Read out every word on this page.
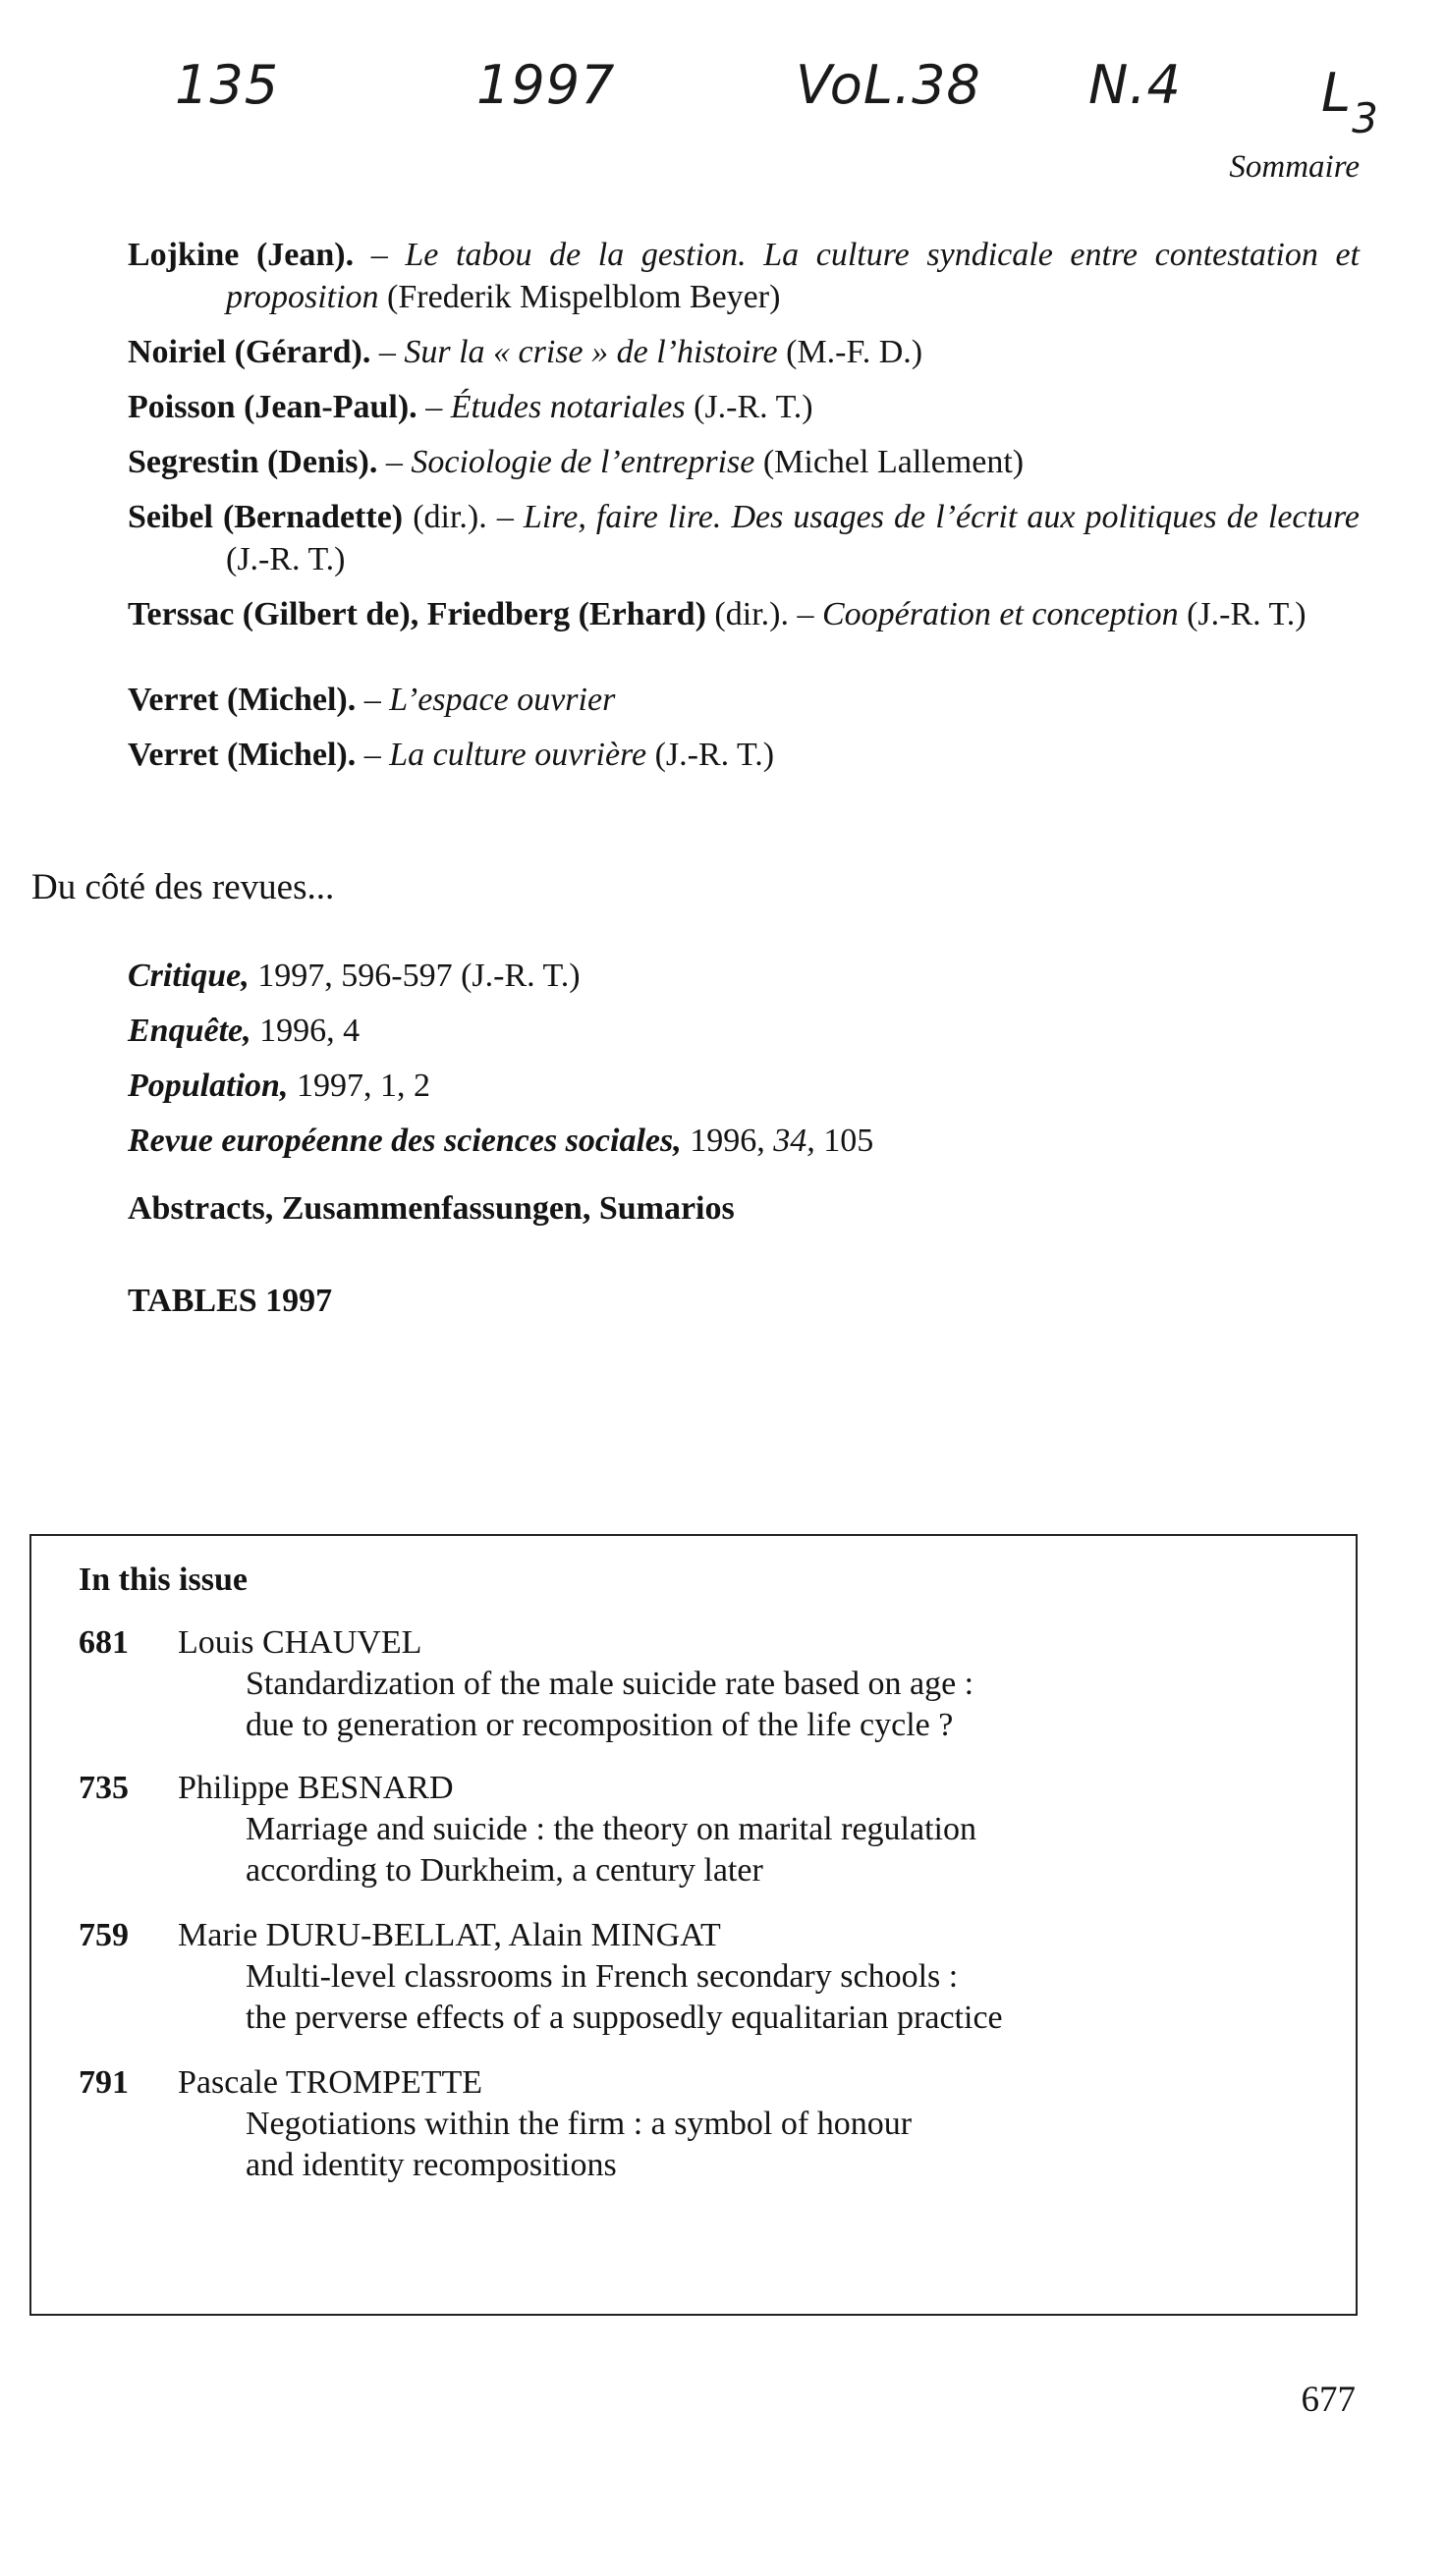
135	1997	VoL.38 N.4	$L_3$
Sommaire
Lojkine (Jean). – Le tabou de la gestion. La culture syndicale entre contestation et proposition (Frederik Mispelblom Beyer)
Noiriel (Gérard). – Sur la « crise » de l’histoire (M.-F. D.)
Poisson (Jean-Paul). – Études notariales (J.-R. T.)
Segrestin (Denis). – Sociologie de l’entreprise (Michel Lallement)
Seibel (Bernadette) (dir.). – Lire, faire lire. Des usages de l’écrit aux politiques de lecture (J.-R. T.)
Terssac (Gilbert de), Friedberg (Erhard) (dir.). – Coopération et conception (J.-R. T.)
Verret (Michel). – L’espace ouvrier
Verret (Michel). – La culture ouvrière (J.-R. T.)
Du côté des revues...
Critique, 1997, 596-597 (J.-R. T.)
Enquête, 1996, 4
Population, 1997, 1, 2
Revue européenne des sciences sociales, 1996, 34, 105
Abstracts, Zusammenfassungen, Sumarios
TABLES 1997
In this issue
681 Louis CHAUVEL
Standardization of the male suicide rate based on age :
due to generation or recomposition of the life cycle ?
735 Philippe BESNARD
Marriage and suicide : the theory on marital regulation
according to Durkheim, a century later
759 Marie DURU-BELLAT, Alain MINGAT
Multi-level classrooms in French secondary schools :
the perverse effects of a supposedly equalitarian practice
791 Pascale TROMPETTE
Negotiations within the firm : a symbol of honour
and identity recompositions
677
